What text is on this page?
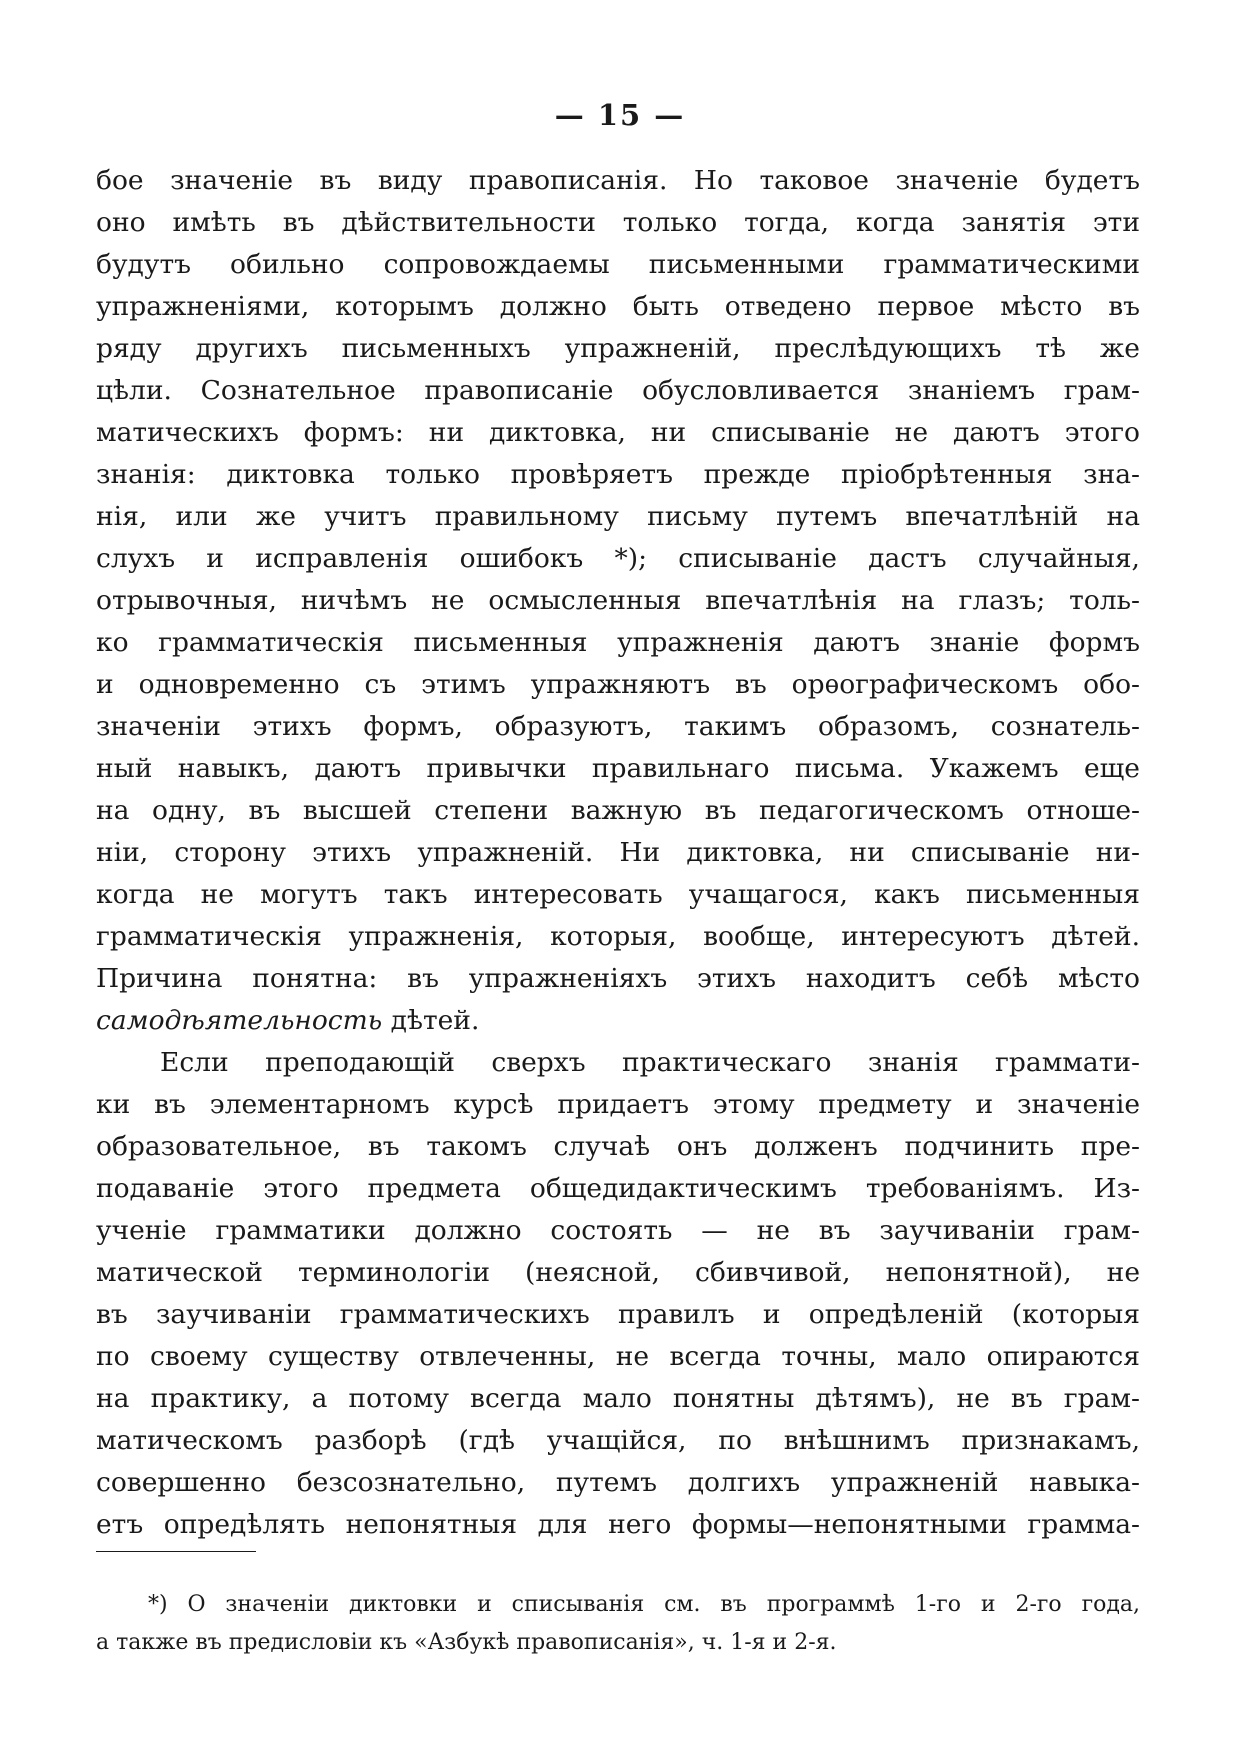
— 15 —
бое значеніе въ виду правописанія. Но таковое значеніе будетъ
оно имѣть въ дѣйствительности только тогда, когда занятія эти
будутъ обильно сопровождаемы письменными грамматическими
упражненіями, которымъ должно быть отведено первое мѣсто въ
ряду другихъ письменныхъ упражненій, преслѣдующихъ тѣ же
цѣли. Сознательное правописаніе обусловливается знаніемъ грам-
матическихъ формъ: ни диктовка, ни списываніе не даютъ этого
знанія: диктовка только провѣряетъ прежде пріобрѣтенныя зна-
нія, или же учитъ правильному письму путемъ впечатлѣній на
слухъ и исправленія ошибокъ *); списываніе дастъ случайныя,
отрывочныя, ничѣмъ не осмысленныя впечатлѣнія на глазъ; толь-
ко грамматическія письменныя упражненія даютъ знаніе формъ
и одновременно съ этимъ упражняютъ въ орѳографическомъ обо-
значеніи этихъ формъ, образуютъ, такимъ образомъ, сознатель-
ный навыкъ, даютъ привычки правильнаго письма. Укажемъ еще
на одну, въ высшей степени важную въ педагогическомъ отноше-
ніи, сторону этихъ упражненій. Ни диктовка, ни списываніе ни-
когда не могутъ такъ интересовать учащагося, какъ письменныя
грамматическія упражненія, которыя, вообще, интересуютъ дѣтей.
Причина понятна: въ упражненіяхъ этихъ находитъ себѣ мѣсто
самодѣятельность дѣтей.
Если преподающій сверхъ практическаго знанія граммати-
ки въ элементарномъ курсѣ придаетъ этому предмету и значеніе
образовательное, въ такомъ случаѣ онъ долженъ подчинить пре-
подаваніе этого предмета общедидактическимъ требованіямъ. Из-
ученіе грамматики должно состоять — не въ заучиваніи грам-
матической терминологіи (неясной, сбивчивой, непонятной), не
въ заучиваніи грамматическихъ правилъ и опредѣленій (которыя
по своему существу отвлеченны, не всегда точны, мало опираются
на практику, а потому всегда мало понятны дѣтямъ), не въ грам-
матическомъ разборѣ (гдѣ учащійся, по внѣшнимъ признакамъ,
совершенно безсознательно, путемъ долгихъ упражненій навыка-
етъ опредѣлять непонятныя для него формы—непонятными грамма-
*) О значеніи диктовки и списыванія см. въ программѣ 1-го и 2-го года,
а также въ предисловіи къ «Азбукѣ правописанія», ч. 1-я и 2-я.
